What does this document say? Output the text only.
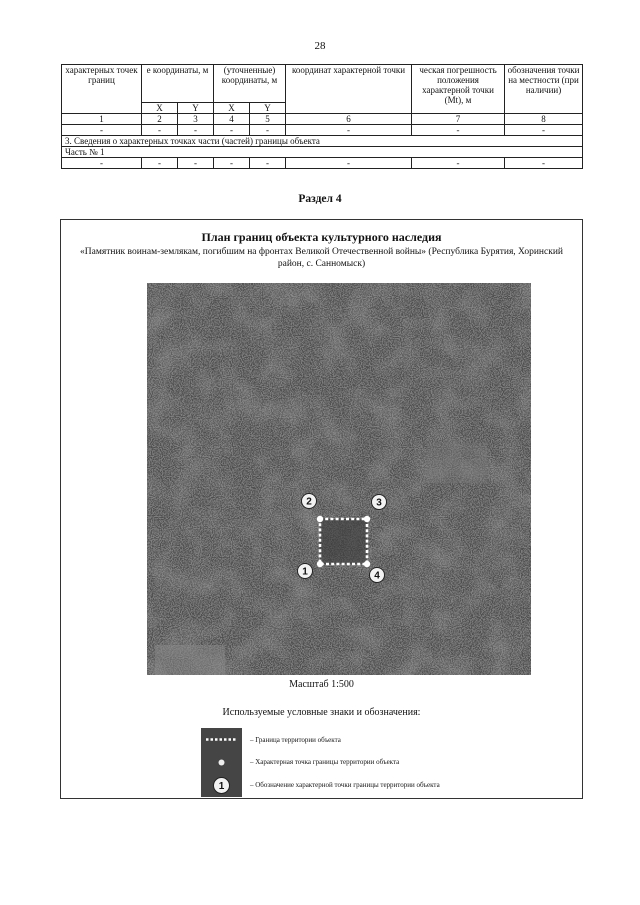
28
характерных точек границ	е координаты, м		(уточненные) координаты, м		координат характерной точки	ческая погрешность положения характерной точки (Mt), м	обозначения точки на местности (при наличии)
	X	Y	X	Y			
1	2	3	4	5	6	7	8
-	-	-	-	-	-	-	-
3. Сведения о характерных точках части (частей) границы объекта							
Часть № 1							
-	-	-	-	-	-	-	-
Раздел 4
План границ объекта культурного наследия
«Памятник воинам-землякам, погибшим на фронтах Великой Отечественной войны» (Республика Бурятия, Хоринский район, с. Санномыск)
1
2	3
4
Масштаб 1:500
Используемые условные знаки и обозначения:
– Граница территории объекта
– Характерная точка границы территории объекта
1	– Обозначение характерной точки границы территории объекта
